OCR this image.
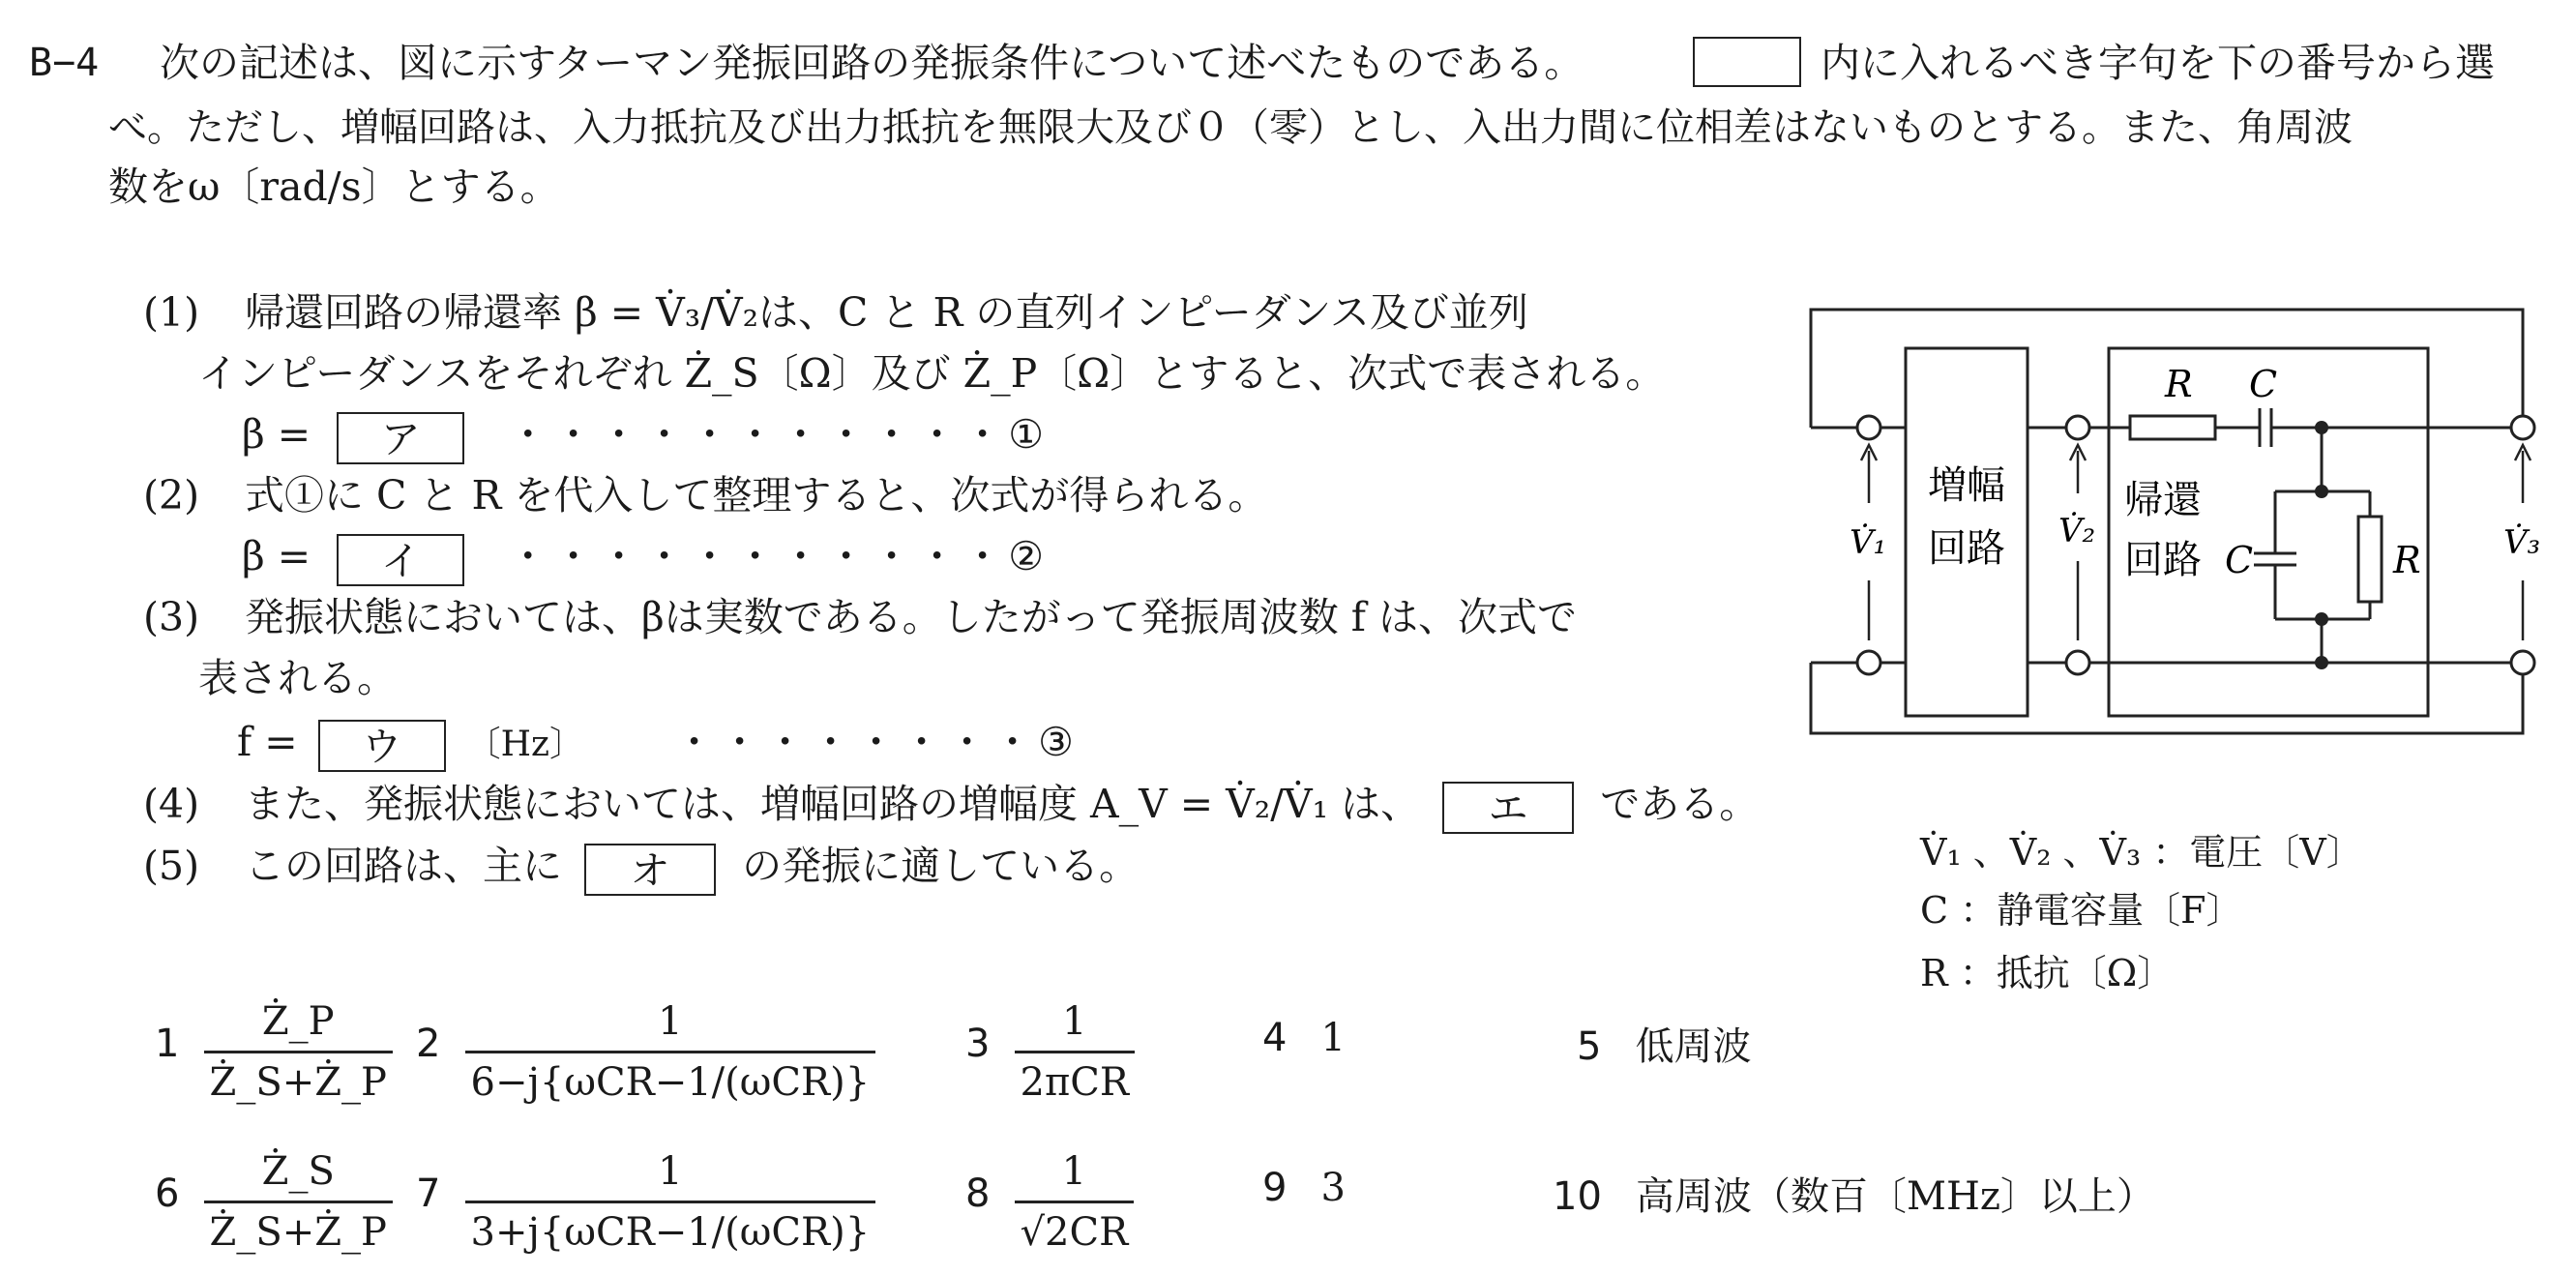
B−4 次の記述は、図に示すターマン発振回路の発振条件について述べたものである。	内に入れるべき字句を下の番号から選
べ。ただし、増幅回路は、入力抵抗及び出力抵抗を無限大及び０（零）とし、入出力間に位相差はないものとする。また、角周波
数をω〔rad/s〕とする。
(1) 帰還回路の帰還率 β = V̇₃/V̇₂は、C と R の直列インピーダンス及び並列
インピーダンスをそれぞれ Ż_S〔Ω〕及び Ż_P〔Ω〕とすると、次式で表される。
β = ア ・・・・・・・・・・・①
(2) 式①に C と R を代入して整理すると、次式が得られる。
β = イ ・・・・・・・・・・・②
(3) 発振状態においては、βは実数である。したがって発振周波数 f は、次式で
表される。
f = ウ 〔Hz〕 ・・・・・・・・③
(4) また、発振状態においては、増幅回路の増幅度 A_V = V̇₂/V̇₁ は、 エ である。
(5) この回路は、主に オ の発振に適している。
増幅
回路
帰還
回路
R C
C	R
V̇₁	V̇₂	V̇₃
V̇₁ 、V̇₂ 、V̇₃ ：電圧〔V〕
C ：静電容量〔F〕
R ：抵抗〔Ω〕
$1 \frac{Ż\_P}{Ż\_S+Ż\_P} 2 \frac{1}{\text{6−j\{ωCR−1/(ωCR)\}}} 3 \frac{1}{\text{2πCR}}$	4 1	5 低周波
$6 \frac{Ż\_S}{Ż\_S+Ż\_P} 7 \frac{1}{\text{3+j\{ωCR−1/(ωCR)\}}} 8 \frac{1}{√2CR}$	9 3	10 高周波（数百〔MHz〕以上）
